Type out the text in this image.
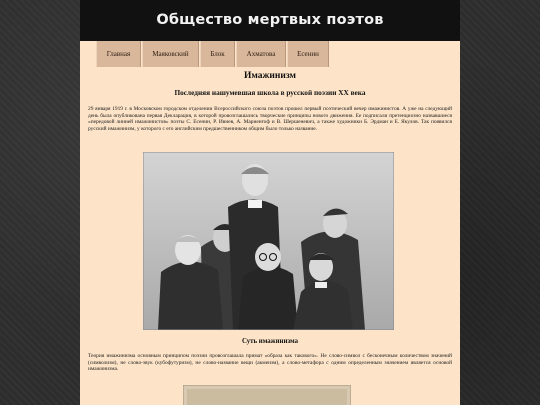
Общество мертвых поэтов
Главная	Маяковский	Блок	Ахматова	Есенин
Имажинизм
Последняя нашумевшая школа в русской поэзии ХХ века

29 января 1919 г. в Московском городском отделении Всероссийского союза поэтов прошел первый поэтический вечер имажинистов. А уже на следующий день была опубликована первая Декларация, в которой провозглашались творческие принципы нового движения. Ее подписали претенциозно назвавшиеся «передовой линией имажинистов» поэты С. Есенин, Р. Ивнев, А. Мариенгоф и В. Шершеневич, а также художники Б. Эрдман и Е. Якулов. Так появился русский имажинизм, у которого с его английским предшественником общим было только название.

Суть имажинизма

Теория имажинизма основным принципом поэзии провозглашала примат «образа как такового». Не слово-символ с бесконечным количеством значений (символизм), не слово-звук (кубофутуризм), не слово-название вещи (акмеизм), а слово-метафора с одним определенным значением является основой имажинизма.
